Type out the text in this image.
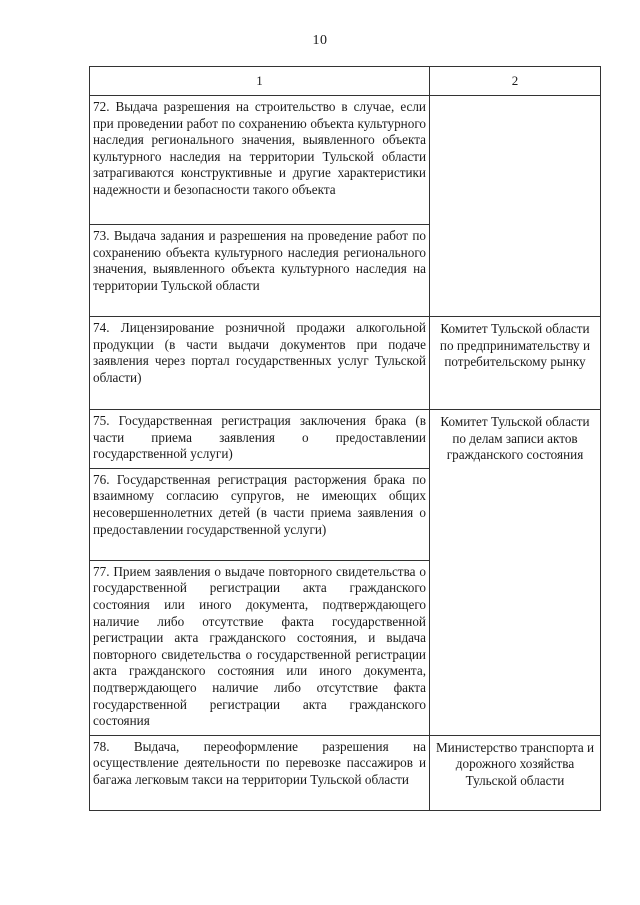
10
1	2
72. Выдача разрешения на строительство в случае, если при проведении работ по сохранению объекта культурного наследия регионального значения, выявленного объекта культурного наследия на территории Тульской области затрагиваются конструктивные и другие характеристики надежности и безопасности такого объекта	
73. Выдача задания и разрешения на проведение работ по сохранению объекта культурного наследия регионального значения, выявленного объекта культурного наследия на территории Тульской области	
74. Лицензирование розничной продажи алкогольной продукции (в части выдачи документов при подаче заявления через портал государственных услуг Тульской области)	Комитет Тульской области по предпринимательству и потребительскому рынку
75. Государственная регистрация заключения брака (в части приема заявления о предоставлении государственной услуги)	Комитет Тульской области по делам записи актов гражданского состояния
76. Государственная регистрация расторжения брака по взаимному согласию супругов, не имеющих общих несовершеннолетних детей (в части приема заявления о предоставлении государственной услуги)	
77. Прием заявления о выдаче повторного свидетельства о государственной регистрации акта гражданского состояния или иного документа, подтверждающего наличие либо отсутствие факта государственной регистрации акта гражданского состояния, и выдача повторного свидетельства о государственной регистрации акта гражданского состояния или иного документа, подтверждающего наличие либо отсутствие факта государственной регистрации акта гражданского состояния	
78. Выдача, переоформление разрешения на осуществление деятельности по перевозке пассажиров и багажа легковым такси на территории Тульской области	Министерство транспорта и дорожного хозяйства Тульской области
